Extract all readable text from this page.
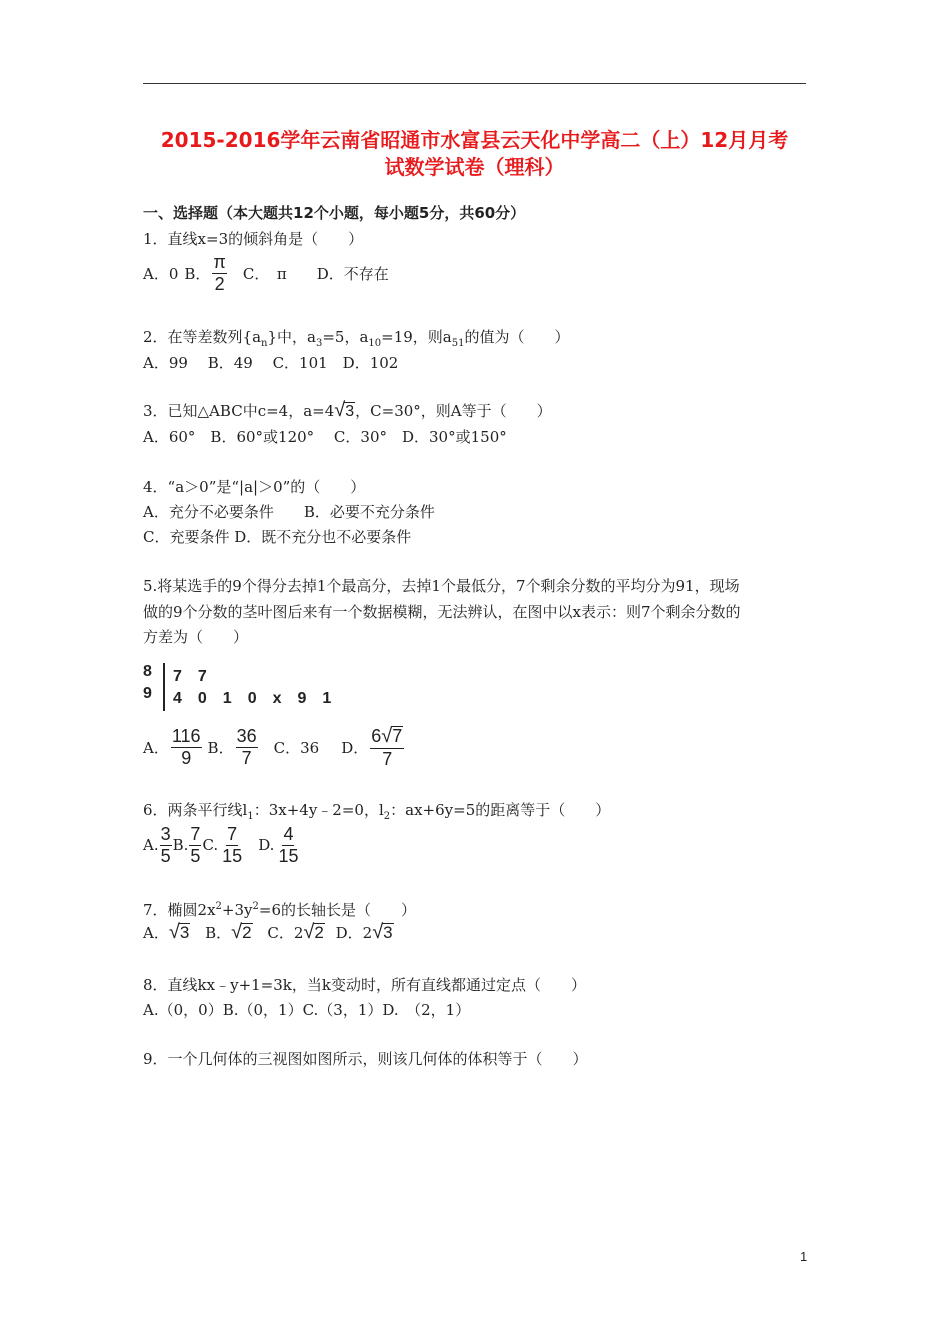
2015-2016学年云南省昭通市水富县云天化中学高二（上）12月月考
试数学试卷（理科）
一、选择题（本大题共12个小题，每小题5分，共60分）
1．直线x=3的倾斜角是（　　）
A．0 B． $\frac{\pi}{2}$ C．　π D．不存在
2．在等差数列$\{a_n\}$中，$a_3=5$，$a_{10}=19$，则$a_{51}$的值为（　　）
A．99　 B．49　 C．101　D．102
3．已知△ABC中c=4，a=4√3，C=30°，则A等于（　　）
A．60°　B．60°或120°　 C．30°　D．30°或150°
4．“a＞0”是“|a|＞0”的（　　）
A．充分不必要条件　　B．必要不充分条件
C．充要条件 D．既不充分也不必要条件
5.将某选手的9个得分去掉1个最高分，去掉1个最低分，7个剩余分数的平均分为91，现场
做的9个分数的茎叶图后来有一个数据模糊，无法辨认，在图中以x表示：则7个剩余分数的
方差为（　　）
8 7　7
9 4　0　1　0　x　9　1
A． $\frac{116}{9}$ B． $\frac{36}{7}$ C．36 D． $\frac{6√7}{7}$
6．两条平行线$l_1$：3x+4y﹣2=0，$l_2$：ax+6y=5的距离等于（　　）
A. $\frac{3}{5} B$. $\frac{7}{5} C$. $\frac{7}{15} D$. $\frac{4}{15}$
7．椭圆$2x^2+3y^2=6$的长轴长是（　　）
A．√3 B．√2 C．2√2 D．2√3
8．直线kx﹣y+1=3k，当k变动时，所有直线都通过定点（　　）
A.（0，0）B.（0，1）C.（3，1）D.　（2，1）
9．一个几何体的三视图如图所示，则该几何体的体积等于（　　）
1
